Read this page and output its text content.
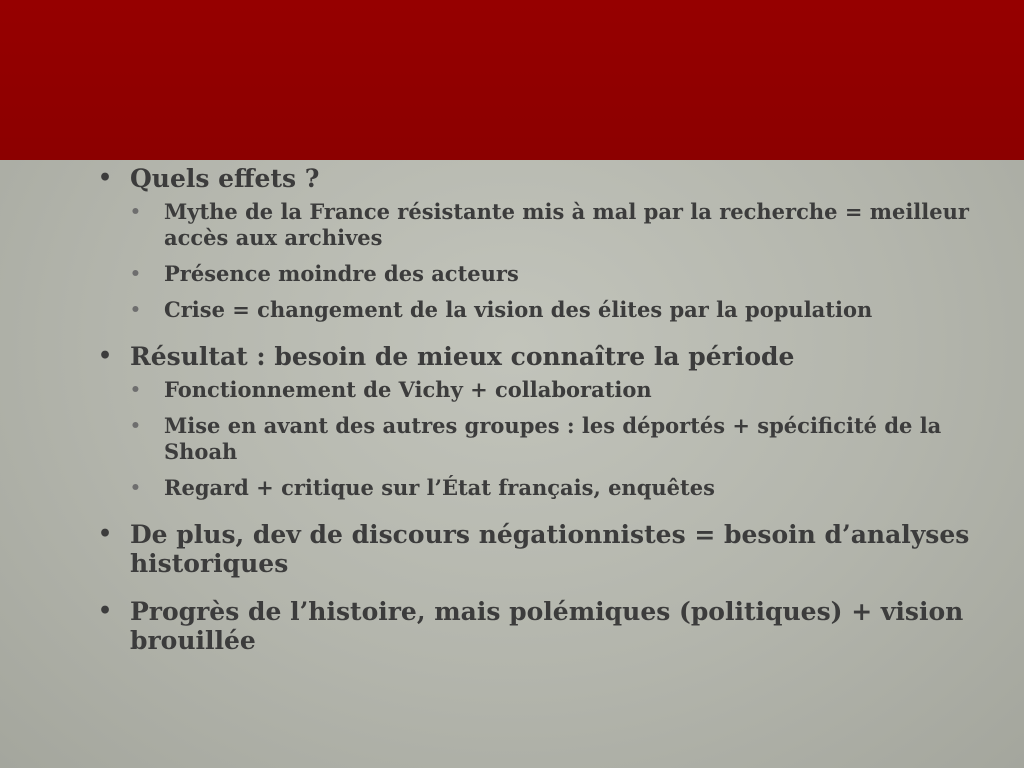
• Quels effets ?
• Mythe de la France résistante mis à mal par la recherche = meilleur accès aux archives
• Présence moindre des acteurs
• Crise = changement de la vision des élites par la population
• Résultat : besoin de mieux connaître la période
• Fonctionnement de Vichy + collaboration
• Mise en avant des autres groupes : les déportés + spécificité de la Shoah
• Regard + critique sur l’État français, enquêtes
• De plus, dev de discours négationnistes = besoin d’analyses historiques
• Progrès de l’histoire, mais polémiques (politiques) + vision brouillée
